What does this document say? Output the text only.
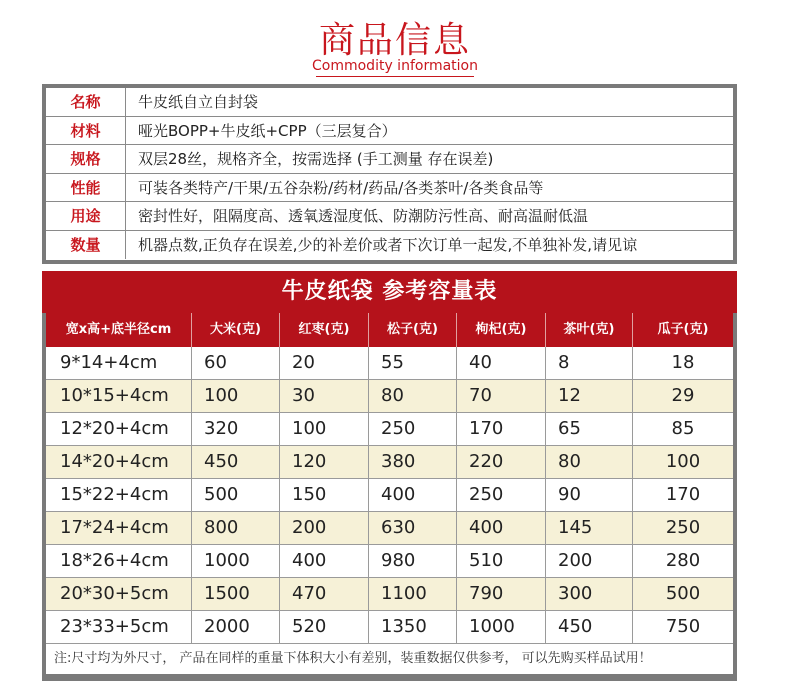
商品信息
Commodity information
名称	牛皮纸自立自封袋
材料	哑光BOPP+牛皮纸+CPP（三层复合）
规格	双层28丝，规格齐全，按需选择 (手工测量 存在误差)
性能	可装各类特产/干果/五谷杂粉/药材/药品/各类茶叶/各类食品等
用途	密封性好，阻隔度高、透氧透湿度低、防潮防污性高、耐高温耐低温
数量	机器点数,正负存在误差,少的补差价或者下次订单一起发,不单独补发,请见谅
牛皮纸袋 参考容量表
宽x高+底半径cm	大米(克)	红枣(克)	松子(克)	枸杞(克)	茶叶(克)	瓜子(克)
9*14+4cm	60	20	55	40	8	18
10*15+4cm	100	30	80	70	12	29
12*20+4cm	320	100	250	170	65	85
14*20+4cm	450	120	380	220	80	100
15*22+4cm	500	150	400	250	90	170
17*24+4cm	800	200	630	400	145	250
18*26+4cm	1000	400	980	510	200	280
20*30+5cm	1500	470	1100	790	300	500
23*33+5cm	2000	520	1350	1000	450	750
注:尺寸均为外尺寸， 产品在同样的重量下体积大小有差别，装重数据仅供参考， 可以先购买样品试用！
